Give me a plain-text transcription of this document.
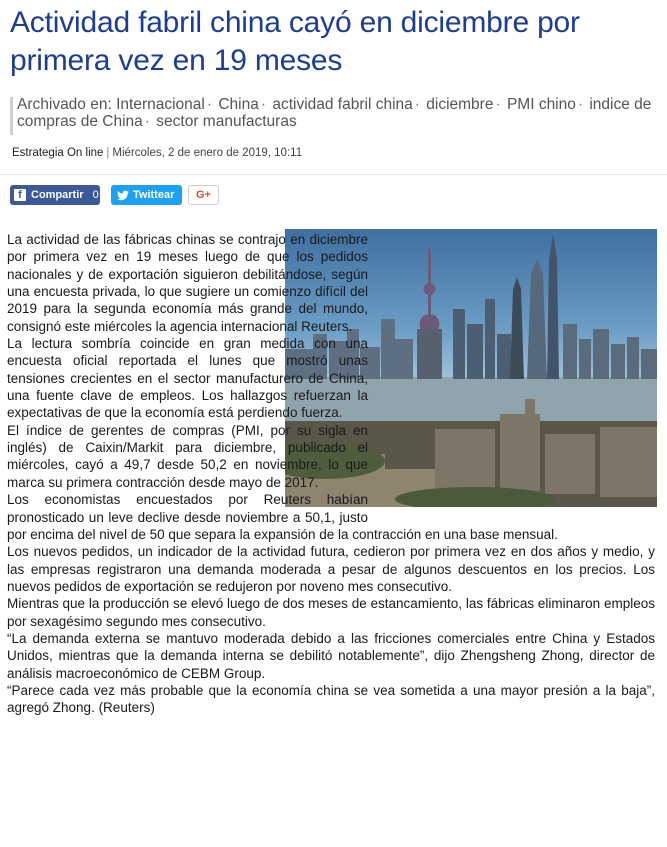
Actividad fabril china cayó en diciembre por primera vez en 19 meses
Archivado en: Internacional · China · actividad fabril china · diciembre · PMI chino · indice de compras de China · sector manufacturas
Estrategia On line | Miércoles, 2 de enero de 2019, 10:11
f Compartir 0	Twittear G+

La actividad de las fábricas chinas se contrajo en diciembre por primera vez en 19 meses luego de que los pedidos nacionales y de exportación siguieron debilitándose, según una encuesta privada, lo que sugiere un comienzo difícil del 2019 para la segunda economía más grande del mundo, consignó este miércoles la agencia internacional Reuters.

La lectura sombría coincide en gran medida con una encuesta oficial reportada el lunes que mostró unas tensiones crecientes en el sector manufacturero de China, una fuente clave de empleos. Los hallazgos refuerzan la expectativas de que la economía está perdiendo fuerza.

El índice de gerentes de compras (PMI, por su sigla en inglés) de Caixin/Markit para diciembre, publicado el miércoles, cayó a 49,7 desde 50,2 en noviembre, lo que marca su primera contracción desde mayo de 2017.

Los economistas encuestados por Reuters habían pronosticado un leve declive desde noviembre a 50,1, justo por encima del nivel de 50 que separa la expansión de la contracción en una base mensual.

Los nuevos pedidos, un indicador de la actividad futura, cedieron por primera vez en dos años y medio, y las empresas registraron una demanda moderada a pesar de algunos descuentos en los precios. Los nuevos pedidos de exportación se redujeron por noveno mes consecutivo.

Mientras que la producción se elevó luego de dos meses de estancamiento, las fábricas eliminaron empleos por sexagésimo segundo mes consecutivo.

“La demanda externa se mantuvo moderada debido a las fricciones comerciales entre China y Estados Unidos, mientras que la demanda interna se debilitó notablemente”, dijo Zhengsheng Zhong, director de análisis macroeconómico de CEBM Group.

“Parece cada vez más probable que la economía china se vea sometida a una mayor presión a la baja”, agregó Zhong. (Reuters)
